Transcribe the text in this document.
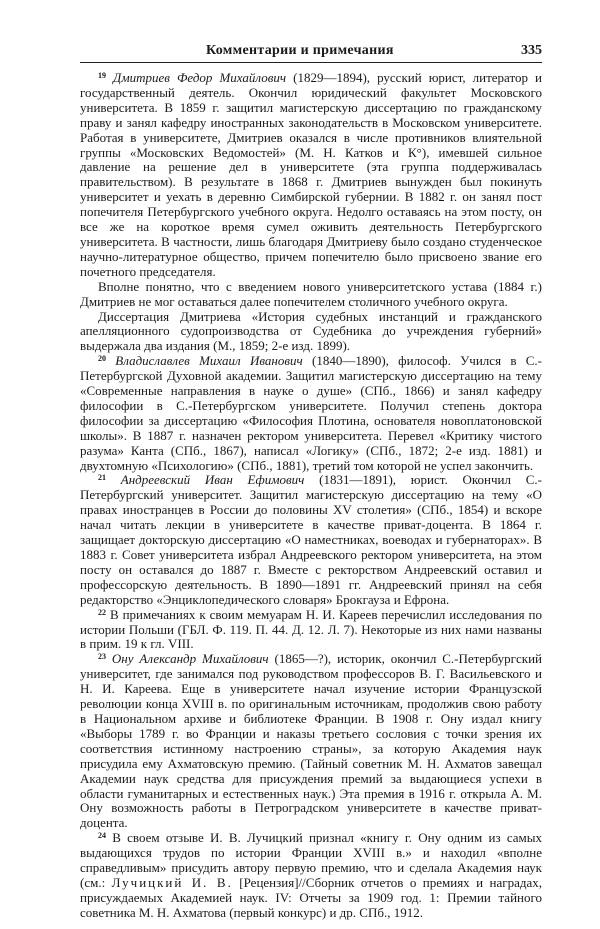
Комментарии и примечания	335

$^{19}$ Дмитриев Федор Михайлович (1829—1894), русский юрист, литератор и государственный деятель. Окончил юридический факультет Московского университета. В 1859 г. защитил магистерскую диссертацию по гражданскому праву и занял кафедру иностранных законодательств в Московском университете. Работая в университете, Дмитриев оказался в числе противников влиятельной группы «Московских Ведомостей» (М. Н. Катков и К°), имевшей сильное давление на решение дел в университете (эта группа поддерживалась правительством). В результате в 1868 г. Дмитриев вынужден был покинуть университет и уехать в деревню Симбирской губернии. В 1882 г. он занял пост попечителя Петербургского учебного округа. Недолго оставаясь на этом посту, он все же на короткое время сумел оживить деятельность Петербургского университета. В частности, лишь благодаря Дмитриеву было создано студенческое научно-литературное общество, причем попечителю было присвоено звание его почетного председателя.

Вполне понятно, что с введением нового университетского устава (1884 г.) Дмитриев не мог оставаться далее попечителем столичного учебного округа.

Диссертация Дмитриева «История судебных инстанций и гражданского апелляционного судопроизводства от Судебника до учреждения губерний» выдержала два издания (М., 1859; 2-е изд. 1899).

$^{20}$ Владиславлев Михаил Иванович (1840—1890), философ. Учился в С.-Петербургской Духовной академии. Защитил магистерскую диссертацию на тему «Современные направления в науке о душе» (СПб., 1866) и занял кафедру философии в С.-Петербургском университете. Получил степень доктора философии за диссертацию «Философия Плотина, основателя новоплатоновской школы». В 1887 г. назначен ректором университета. Перевел «Критику чистого разума» Канта (СПб., 1867), написал «Логику» (СПб., 1872; 2-е изд. 1881) и двухтомную «Психологию» (СПб., 1881), третий том которой не успел закончить.

$^{21}$ Андреевский Иван Ефимович (1831—1891), юрист. Окончил С.-Петербургский университет. Защитил магистерскую диссертацию на тему «О правах иностранцев в России до половины XV столетия» (СПб., 1854) и вскоре начал читать лекции в университете в качестве приват-доцента. В 1864 г. защищает докторскую диссертацию «О наместниках, воеводах и губернаторах». В 1883 г. Совет университета избрал Андреевского ректором университета, на этом посту он оставался до 1887 г. Вместе с ректорством Андреевский оставил и профессорскую деятельность. В 1890—1891 гг. Андреевский принял на себя редакторство «Энциклопедического словаря» Брокгауза и Ефрона.

$^{22}$ В примечаниях к своим мемуарам Н. И. Кареев перечислил исследования по истории Польши (ГБЛ. Ф. 119. П. 44. Д. 12. Л. 7). Некоторые из них нами названы в прим. 19 к гл. VIII.

$^{23}$ Ону Александр Михайлович (1865—?), историк, окончил С.-Петербургский университет, где занимался под руководством профессоров В. Г. Васильевского и Н. И. Кареева. Еще в университете начал изучение истории Французской революции конца XVIII в. по оригинальным источникам, продолжив свою работу в Национальном архиве и библиотеке Франции. В 1908 г. Ону издал книгу «Выборы 1789 г. во Франции и наказы третьего сословия с точки зрения их соответствия истинному настроению страны», за которую Академия наук присудила ему Ахматовскую премию. (Тайный советник М. Н. Ахматов завещал Академии наук средства для присуждения премий за выдающиеся успехи в области гуманитарных и естественных наук.) Эта премия в 1916 г. открыла А. М. Ону возможность работы в Петроградском университете в качестве приват-доцента.

$^{24}$ В своем отзыве И. В. Лучицкий признал «книгу г. Ону одним из самых выдающихся трудов по истории Франции XVIII в.» и находил «вполне справедливым» присудить автору первую премию, что и сделала Академия наук (см.: Лучицкий И. В. [Рецензия]//Сборник отчетов о премиях и наградах, присуждаемых Академией наук. IV: Отчеты за 1909 год. 1: Премии тайного советника М. Н. Ахматова (первый конкурс) и др. СПб., 1912.
